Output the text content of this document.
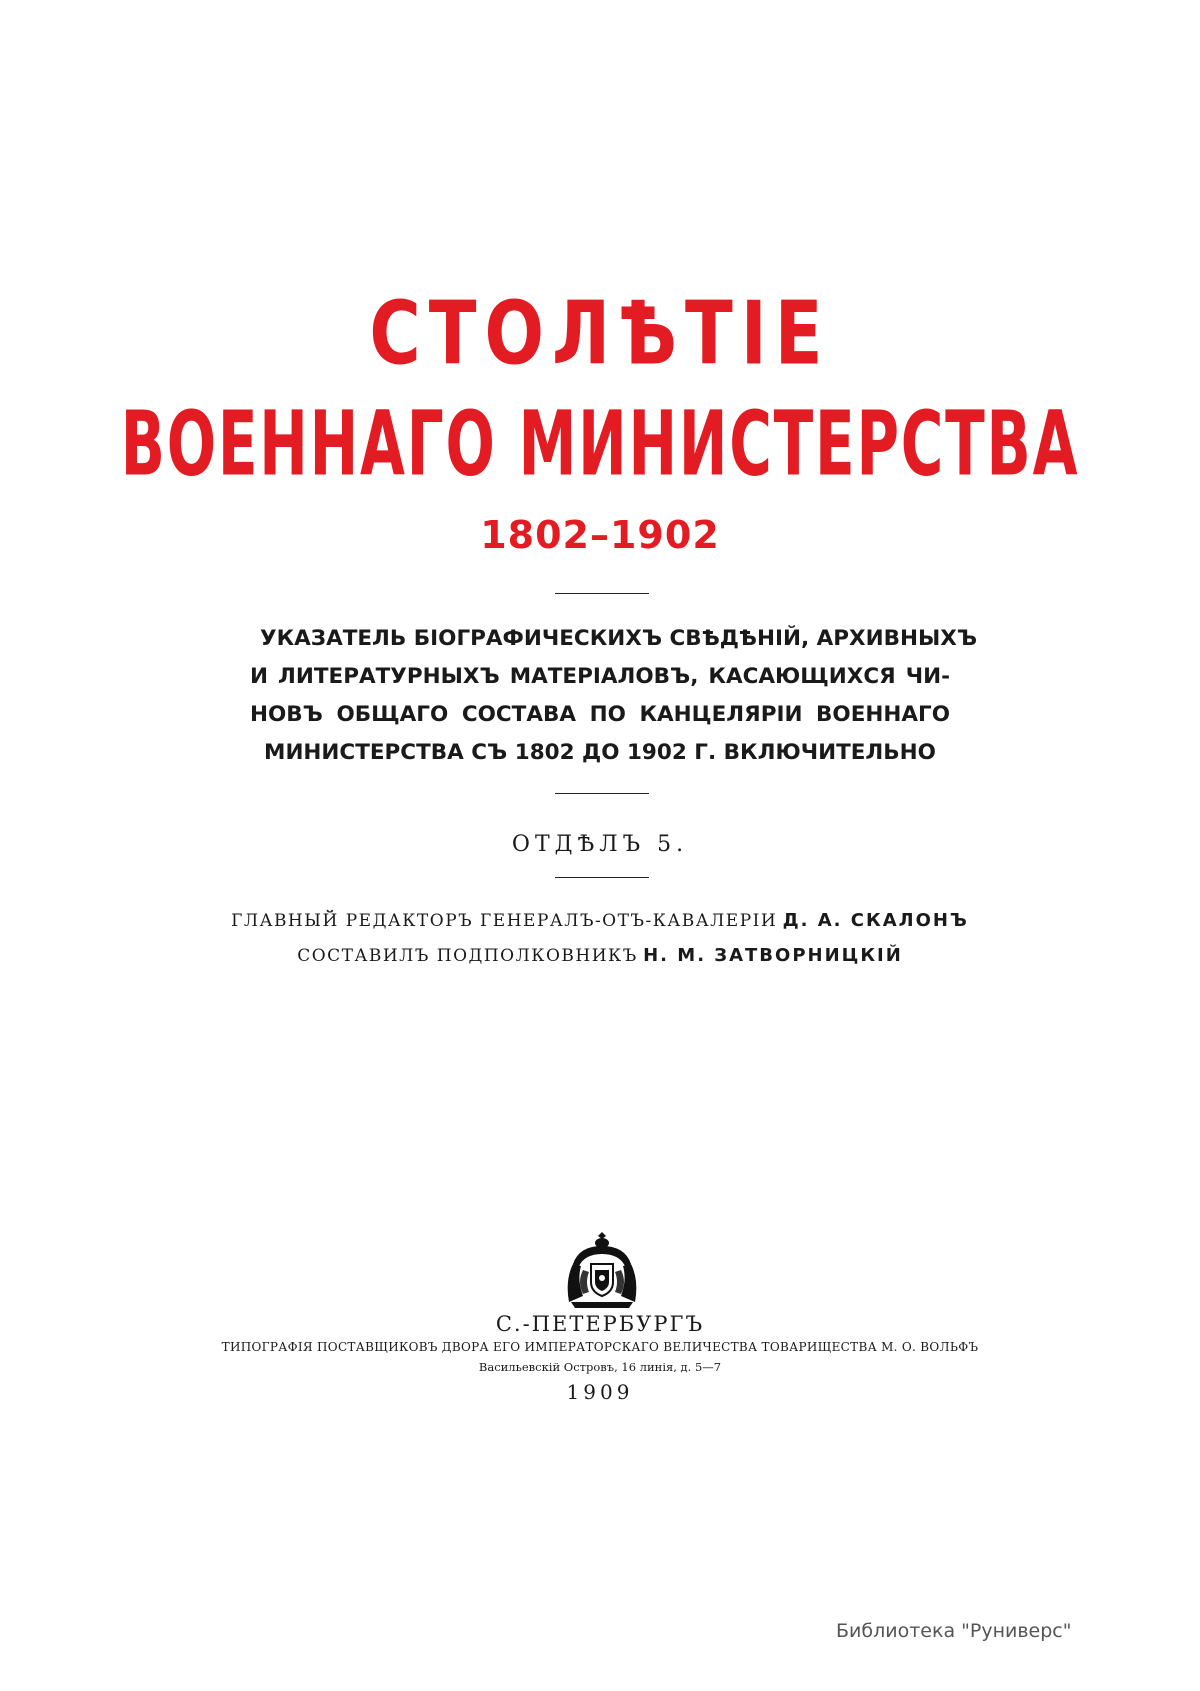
СТОЛѢТІЕ
ВОЕННАГО МИНИСТЕРСТВА
1802–1902
УКАЗАТЕЛЬ БІОГРАФИЧЕСКИХЪ СВѢДѢНІЙ, АРХИВНЫХЪ
И ЛИТЕРАТУРНЫХЪ МАТЕРІАЛОВЪ, КАСАЮЩИХСЯ ЧИ-
НОВЪ ОБЩАГО СОСТАВА ПО КАНЦЕЛЯРІИ ВОЕННАГО
МИНИСТЕРСТВА СЪ 1802 ДО 1902 Г. ВКЛЮЧИТЕЛЬНО
ОТДѢЛЪ 5.
ГЛАВНЫЙ РЕДАКТОРЪ ГЕНЕРАЛЪ-ОТЪ-КАВАЛЕРІИ Д. А. СКАЛОНЪ
СОСТАВИЛЪ ПОДПОЛКОВНИКЪ Н. М. ЗАТВОРНИЦКІЙ
С.-ПЕТЕРБУРГЪ
ТИПОГРАФІЯ ПОСТАВЩИКОВЪ ДВОРА ЕГО ИМПЕРАТОРСКАГО ВЕЛИЧЕСТВА ТОВАРИЩЕСТВА М. О. ВОЛЬФЪ
Васильевскій Островъ, 16 линія, д. 5—7
1909
Библиотека "Руниверс"
